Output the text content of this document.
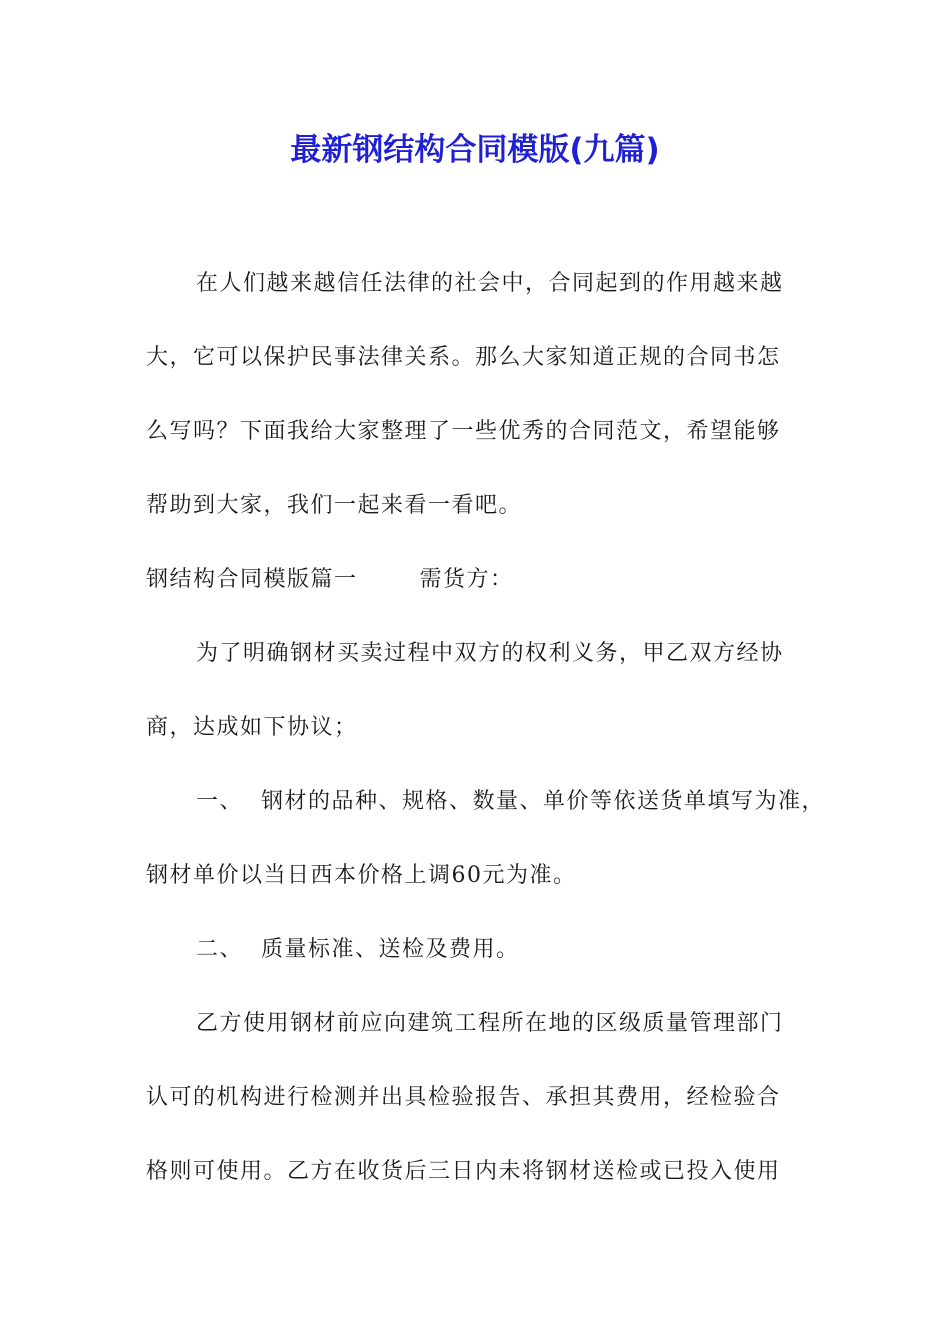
最新钢结构合同模版(九篇)
在人们越来越信任法律的社会中，合同起到的作用越来越
大，它可以保护民事法律关系。那么大家知道正规的合同书怎
么写吗？下面我给大家整理了一些优秀的合同范文，希望能够
帮助到大家，我们一起来看一看吧。
钢结构合同模版篇一	需货方：
为了明确钢材买卖过程中双方的权利义务，甲乙双方经协
商，达成如下协议；
一、 钢材的品种、规格、数量、单价等依送货单填写为准，
钢材单价以当日西本价格上调60元为准。
二、 质量标准、送检及费用。
乙方使用钢材前应向建筑工程所在地的区级质量管理部门
认可的机构进行检测并出具检验报告、承担其费用，经检验合
格则可使用。乙方在收货后三日内未将钢材送检或已投入使用
